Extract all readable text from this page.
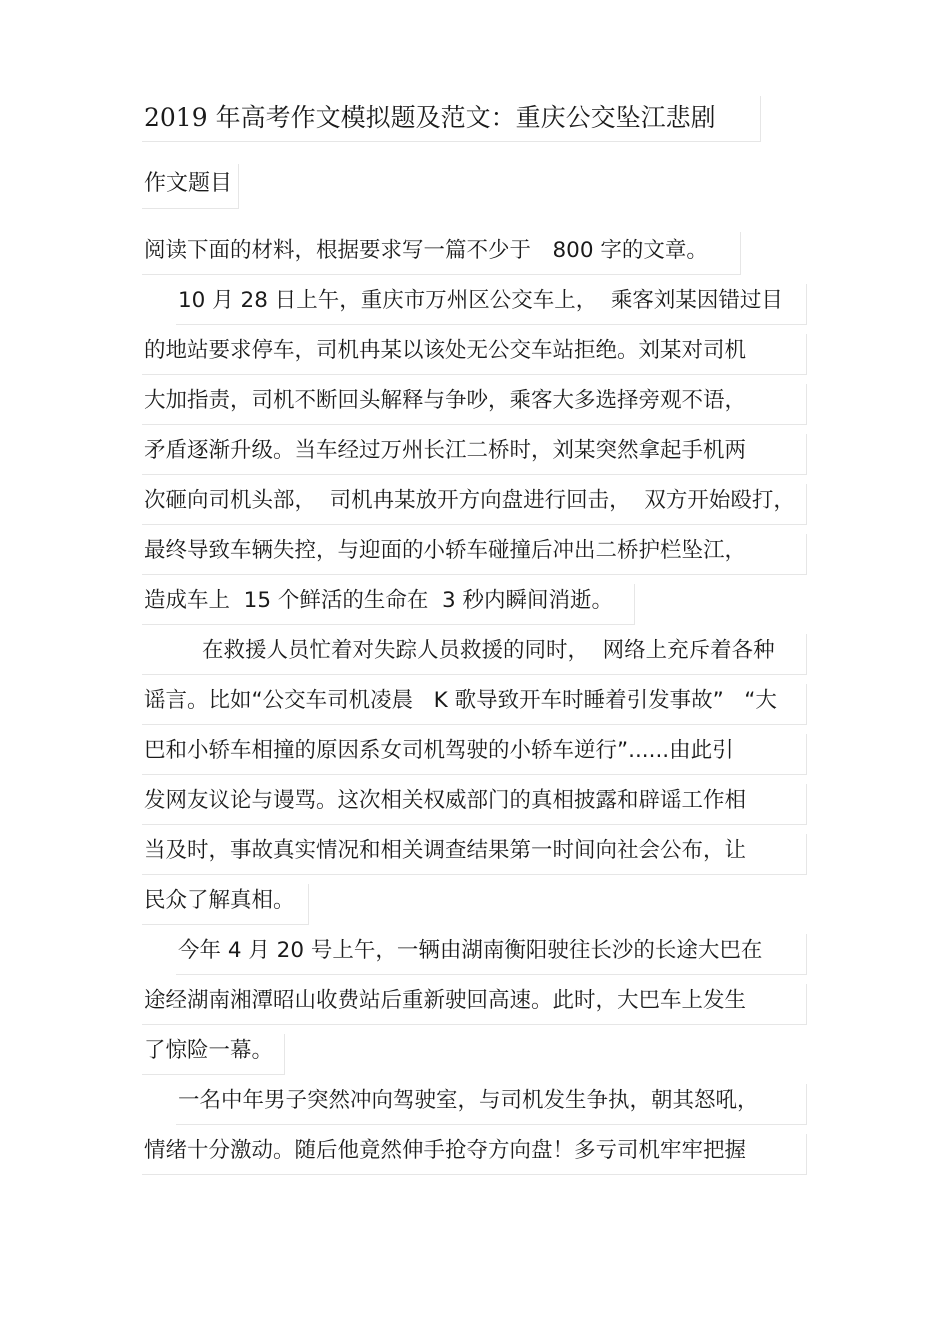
2019 年高考作文模拟题及范文：重庆公交坠江悲剧
作文题目
阅读下面的材料，根据要求写一篇不少于　800 字的文章。
10 月 28 日上午，重庆市万州区公交车上，  乘客刘某因错过目
的地站要求停车，司机冉某以该处无公交车站拒绝。刘某对司机
大加指责，司机不断回头解释与争吵，乘客大多选择旁观不语，
矛盾逐渐升级。当车经过万州长江二桥时，刘某突然拿起手机两
次砸向司机头部，  司机冉某放开方向盘进行回击，  双方开始殴打，
最终导致车辆失控，与迎面的小轿车碰撞后冲出二桥护栏坠江，
造成车上  15 个鲜活的生命在  3 秒内瞬间消逝。
在救援人员忙着对失踪人员救援的同时，  网络上充斥着各种
谣言。比如“公交车司机凌晨   K 歌导致开车时睡着引发事故”   “大
巴和小轿车相撞的原因系女司机驾驶的小轿车逆行”......由此引
发网友议论与谩骂。这次相关权威部门的真相披露和辟谣工作相
当及时，事故真实情况和相关调查结果第一时间向社会公布，让
民众了解真相。
今年 4 月 20 号上午，一辆由湖南衡阳驶往长沙的长途大巴在
途经湖南湘潭昭山收费站后重新驶回高速。此时，大巴车上发生
了惊险一幕。
一名中年男子突然冲向驾驶室，与司机发生争执，朝其怒吼，
情绪十分激动。随后他竟然伸手抢夺方向盘！多亏司机牢牢把握
